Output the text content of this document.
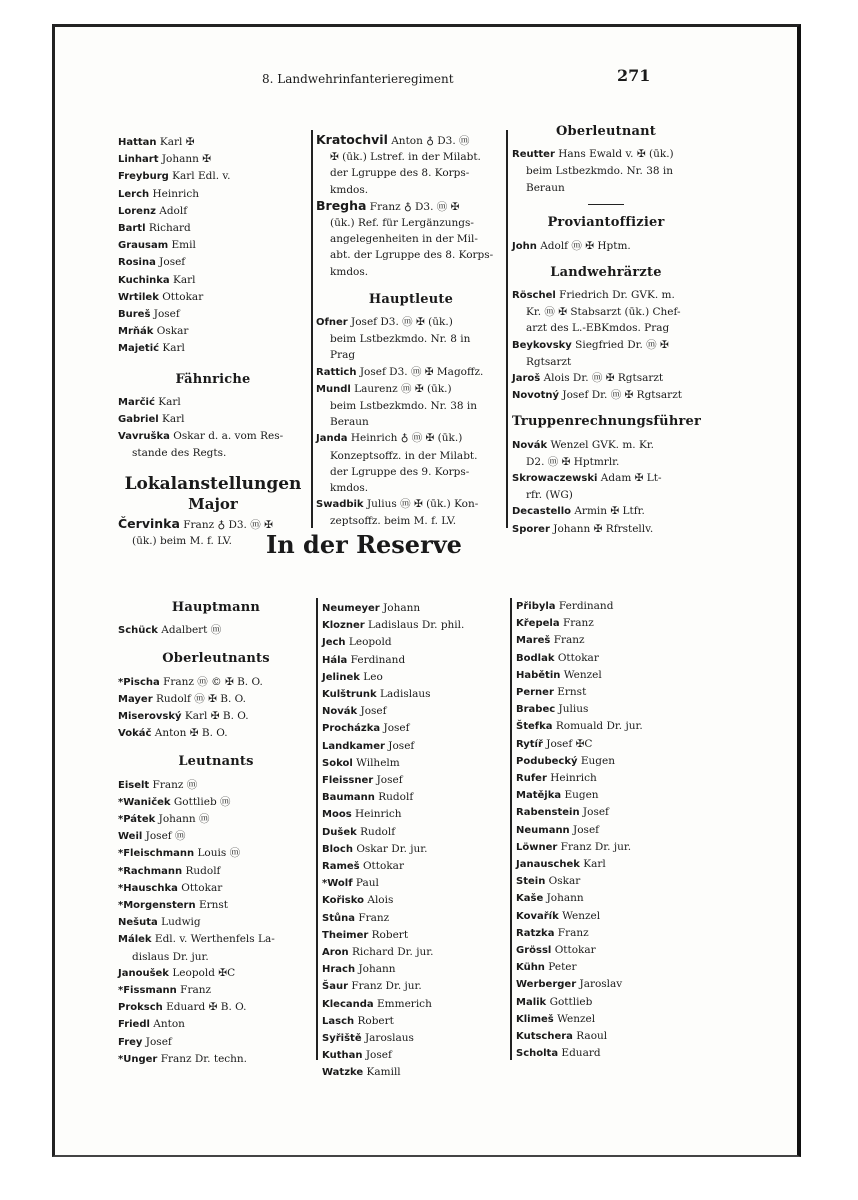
8. Landwehrinfanterieregiment	271
Hattan Karl ✠
Linhart Johann ✠
Freyburg Karl Edl. v.
Lerch Heinrich
Lorenz Adolf
Bartl Richard
Grausam Emil
Rosina Josef
Kuchinka Karl
Wrtilek Ottokar
Bureš Josef
Mrňák Oskar
Majetić Karl
Fähnriche
Marčić Karl
Gabriel Karl
Vavruška Oskar d. a. vom Res-
stande des Regts.
Lokalanstellungen
Major
Červinka Franz ♁ D3. ⓜ ✠
(ūk.) beim M. f. LV.
Kratochvil Anton ♁ D3. ⓜ
✠ (ūk.) Lstref. in der Milabt.
der Lgruppe des 8. Korps-
kmdos.
Bregha Franz ♁ D3. ⓜ ✠
(ūk.) Ref. für Lergänzungs-
angelegenheiten in der Mil-
abt. der Lgruppe des 8. Korps-
kmdos.
Hauptleute
Ofner Josef D3. ⓜ ✠ (ūk.)
beim Lstbezkmdo. Nr. 8 in
Prag
Rattich Josef D3. ⓜ ✠ Magoffz.
Mundl Laurenz ⓜ ✠ (ūk.)
beim Lstbezkmdo. Nr. 38 in
Beraun
Janda Heinrich ♁ ⓜ ✠ (ūk.)
Konzeptsoffz. in der Milabt.
der Lgruppe des 9. Korps-
kmdos.
Swadbik Julius ⓜ ✠ (ūk.) Kon-
zeptsoffz. beim M. f. LV.
Oberleutnant
Reutter Hans Ewald v. ✠ (ūk.)
beim Lstbezkmdo. Nr. 38 in
Beraun
Proviantoffizier
John Adolf ⓜ ✠ Hptm.
Landwehrärzte
Röschel Friedrich Dr. GVK. m.
Kr. ⓜ ✠ Stabsarzt (ūk.) Chef-
arzt des L.-EBKmdos. Prag
Beykovsky Siegfried Dr. ⓜ ✠
Rgtsarzt
Jaroš Alois Dr. ⓜ ✠ Rgtsarzt
Novotný Josef Dr. ⓜ ✠ Rgtsarzt
Truppenrechnungsführer
Novák Wenzel GVK. m. Kr.
D2. ⓜ ✠ Hptmrlr.
Skrowaczewski Adam ✠ Lt-
rfr. (WG)
Decastello Armin ✠ Ltfr.
Sporer Johann ✠ Rfrstellv.
In der Reserve
Hauptmann
Schück Adalbert ⓜ
Oberleutnants
*Pischa Franz ⓜ © ✠ B. O.
Mayer Rudolf ⓜ ✠ B. O.
Miserovský Karl ✠ B. O.
Vokáč Anton ✠ B. O.
Leutnants
Eiselt Franz ⓜ
*Waniček Gottlieb ⓜ
*Pátek Johann ⓜ
Weil Josef ⓜ
*Fleischmann Louis ⓜ
*Rachmann Rudolf
*Hauschka Ottokar
*Morgenstern Ernst
Nešuta Ludwig
Málek Edl. v. Werthenfels La-
dislaus Dr. jur.
Janoušek Leopold ✠C
*Fissmann Franz
Proksch Eduard ✠ B. O.
Friedl Anton
Frey Josef
*Unger Franz Dr. techn.
Neumeyer Johann
Klozner Ladislaus Dr. phil.
Jech Leopold
Hála Ferdinand
Jelinek Leo
Kulštrunk Ladislaus
Novák Josef
Procházka Josef
Landkamer Josef
Sokol Wilhelm
Fleissner Josef
Baumann Rudolf
Moos Heinrich
Dušek Rudolf
Bloch Oskar Dr. jur.
Rameš Ottokar
*Wolf Paul
Kořisko Alois
Stůna Franz
Theimer Robert
Aron Richard Dr. jur.
Hrach Johann
Šaur Franz Dr. jur.
Klecanda Emmerich
Lasch Robert
Syřiště Jaroslaus
Kuthan Josef
Watzke Kamill
Přibyla Ferdinand
Křepela Franz
Mareš Franz
Bodlak Ottokar
Habětin Wenzel
Perner Ernst
Brabec Julius
Štefka Romuald Dr. jur.
Rytíř Josef ✠C
Podubecký Eugen
Rufer Heinrich
Matějka Eugen
Rabenstein Josef
Neumann Josef
Löwner Franz Dr. jur.
Janauschek Karl
Stein Oskar
Kaše Johann
Kovařík Wenzel
Ratzka Franz
Grössl Ottokar
Kühn Peter
Werberger Jaroslav
Malik Gottlieb
Klimeš Wenzel
Kutschera Raoul
Scholta Eduard
